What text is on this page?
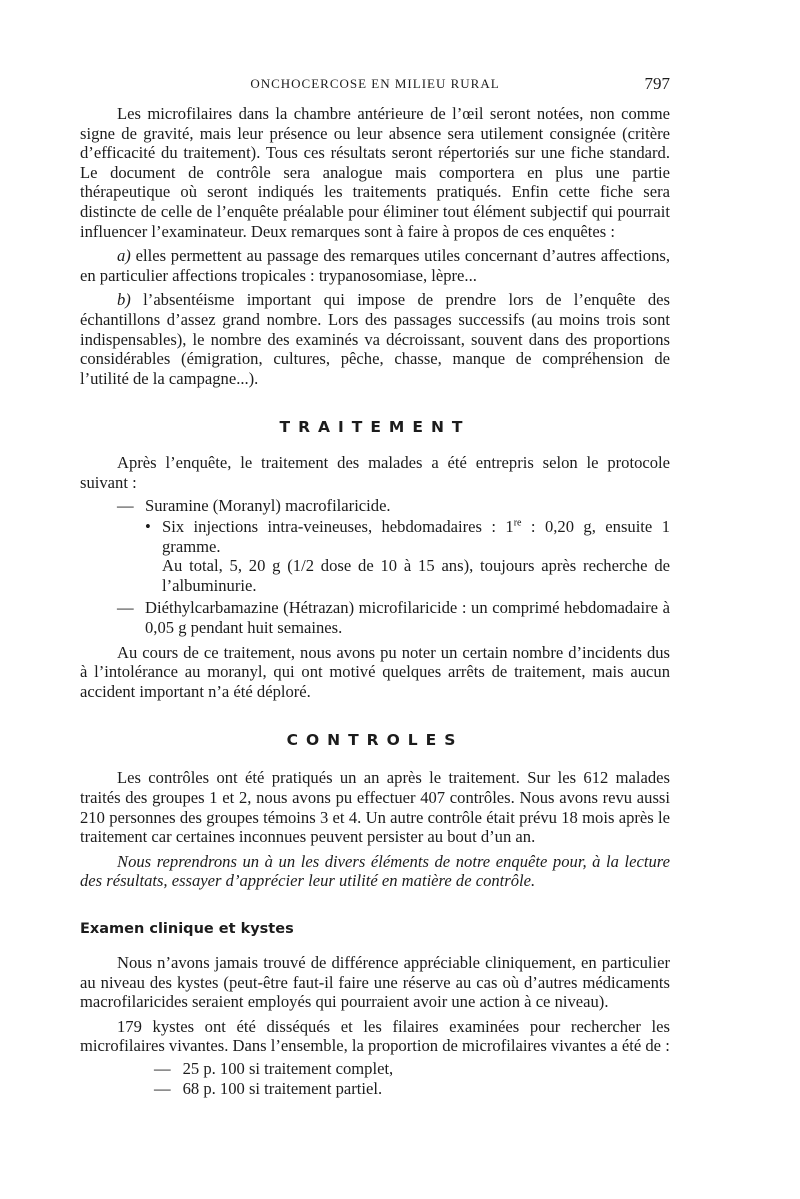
ONCHOCERCOSE EN MILIEU RURAL	797

Les microfilaires dans la chambre antérieure de l’œil seront notées, non comme signe de gravité, mais leur présence ou leur absence sera utilement consignée (critère d’efficacité du traitement). Tous ces résultats seront répertoriés sur une fiche standard. Le document de contrôle sera analogue mais comportera en plus une partie thérapeutique où seront indiqués les traitements pratiqués. Enfin cette fiche sera distincte de celle de l’enquête préalable pour éliminer tout élément subjectif qui pourrait influencer l’examinateur. Deux remarques sont à faire à propos de ces enquêtes :

a) elles permettent au passage des remarques utiles concernant d’autres affections, en particulier affections tropicales : trypanosomiase, lèpre...

b) l’absentéisme important qui impose de prendre lors de l’enquête des échantillons d’assez grand nombre. Lors des passages successifs (au moins trois sont indispensables), le nombre des examinés va décroissant, souvent dans des proportions considérables (émigration, cultures, pêche, chasse, manque de compréhension de l’utilité de la campagne...).

TRAITEMENT

Après l’enquête, le traitement des malades a été entrepris selon le protocole suivant :

— Suramine (Moranyl) macrofilaricide.
• Six injections intra-veineuses, hebdomadaires : 1re : 0,20 g, ensuite 1 gramme.
Au total, 5, 20 g (1/2 dose de 10 à 15 ans), toujours après recherche de l’albuminurie.
— Diéthylcarbamazine (Hétrazan) microfilaricide : un comprimé hebdomadaire à 0,05 g pendant huit semaines.

Au cours de ce traitement, nous avons pu noter un certain nombre d’incidents dus à l’intolérance au moranyl, qui ont motivé quelques arrêts de traitement, mais aucun accident important n’a été déploré.

CONTROLES

Les contrôles ont été pratiqués un an après le traitement. Sur les 612 malades traités des groupes 1 et 2, nous avons pu effectuer 407 contrôles. Nous avons revu aussi 210 personnes des groupes témoins 3 et 4. Un autre contrôle était prévu 18 mois après le traitement car certaines inconnues peuvent persister au bout d’un an.

Nous reprendrons un à un les divers éléments de notre enquête pour, à la lecture des résultats, essayer d’apprécier leur utilité en matière de contrôle.

Examen clinique et kystes

Nous n’avons jamais trouvé de différence appréciable cliniquement, en particulier au niveau des kystes (peut-être faut-il faire une réserve au cas où d’autres médicaments macrofilaricides seraient employés qui pourraient avoir une action à ce niveau).

179 kystes ont été disséqués et les filaires examinées pour rechercher les microfilaires vivantes. Dans l’ensemble, la proportion de microfilaires vivantes a été de :

— 25 p. 100 si traitement complet,
— 68 p. 100 si traitement partiel.
